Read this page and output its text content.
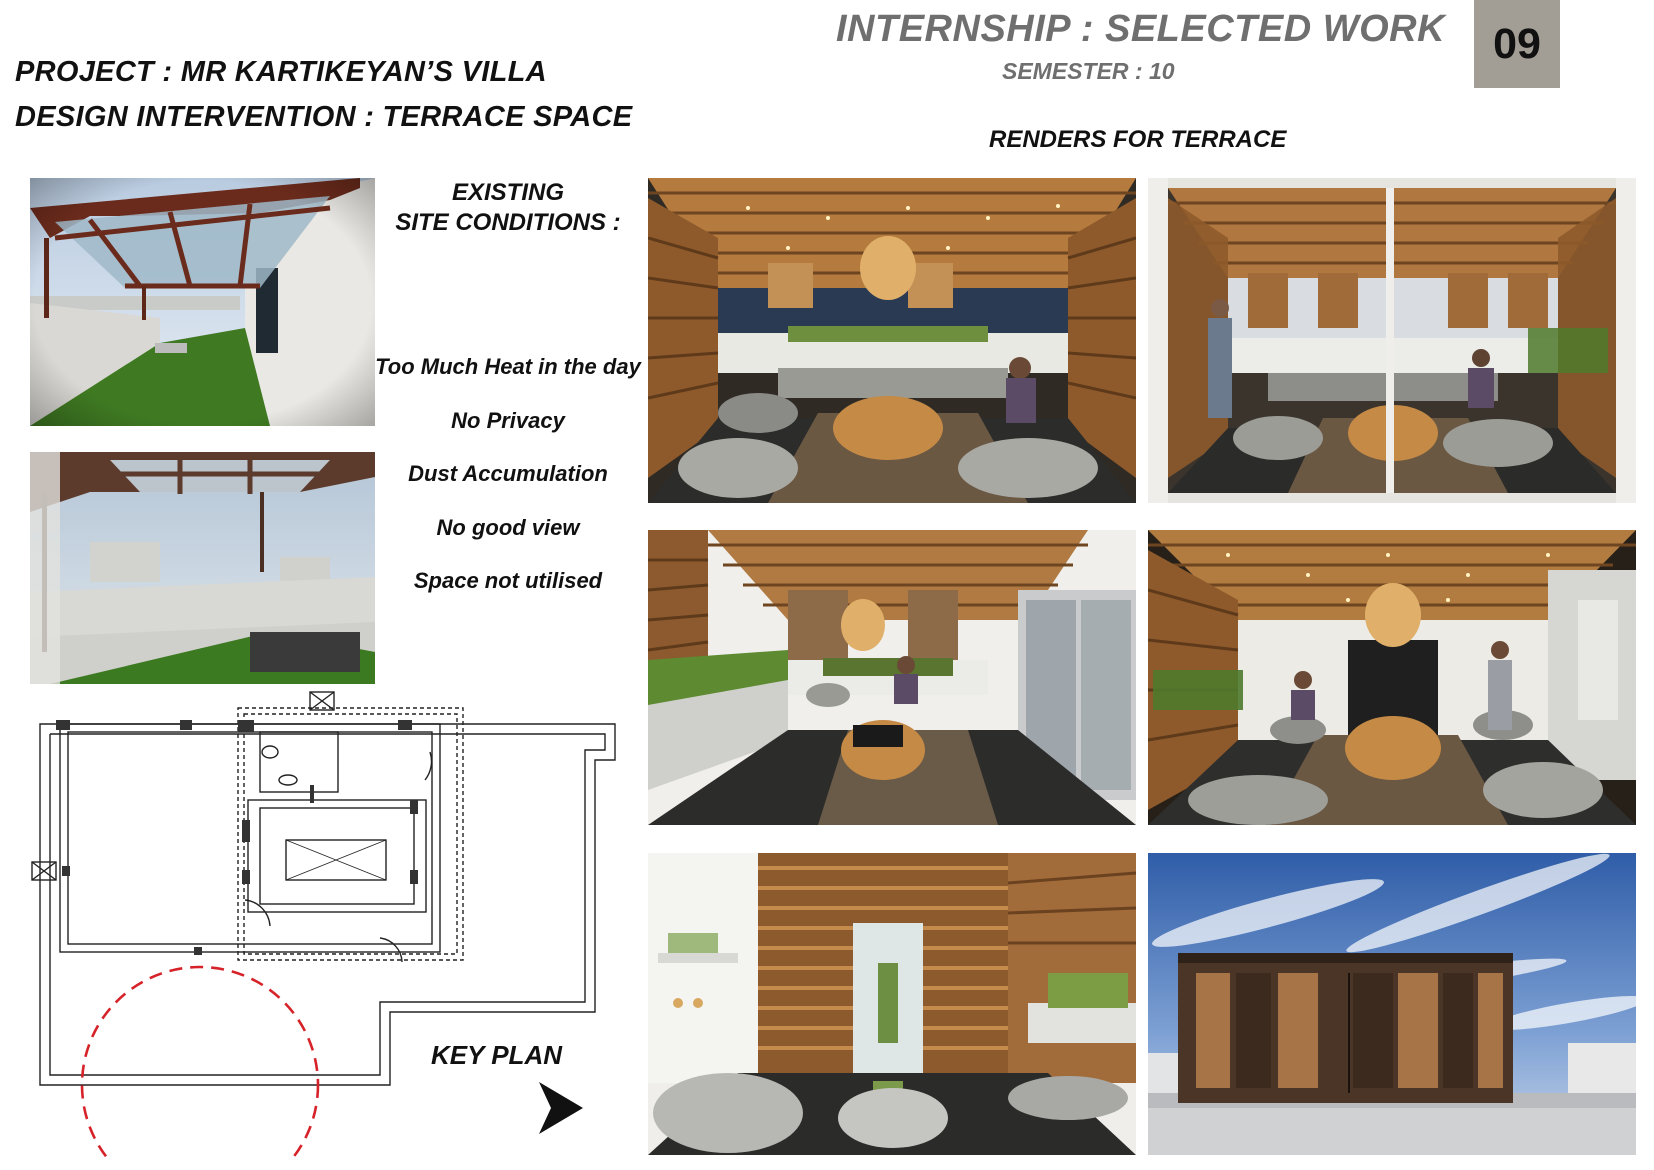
PROJECT : MR KARTIKEYAN’S VILLA
DESIGN INTERVENTION : TERRACE SPACE
INTERNSHIP : SELECTED WORK
SEMESTER : 10
09
RENDERS FOR TERRACE
EXISTING
SITE CONDITIONS :
Too Much Heat in the day
No Privacy
Dust Accumulation
No good view
Space not utilised
KEY PLAN
